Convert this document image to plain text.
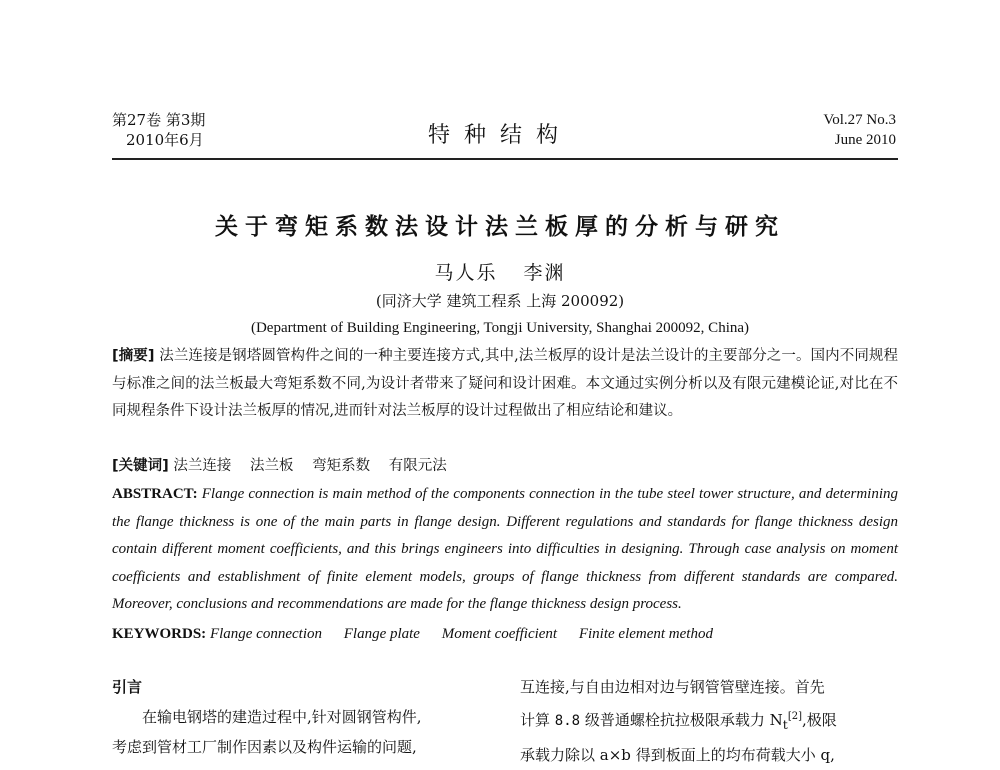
第27卷 第3期
2010年6月	特种结构
Vol.27 No.3
June 2010
关于弯矩系数法设计法兰板厚的分析与研究
马人乐 李渊
(同济大学 建筑工程系 上海 200092)
(Department of Building Engineering, Tongji University, Shanghai 200092, China)
[摘要] 法兰连接是钢塔圆管构件之间的一种主要连接方式,其中,法兰板厚的设计是法兰设计的主要部分之一。国内不同规程与标准之间的法兰板最大弯矩系数不同,为设计者带来了疑问和设计困难。本文通过实例分析以及有限元建模论证,对比在不同规程条件下设计法兰板厚的情况,进而针对法兰板厚的设计过程做出了相应结论和建议。
[关键词] 法兰连接 法兰板 弯矩系数 有限元法
ABSTRACT: Flange connection is main method of the components connection in the tube steel tower structure, and determining the flange thickness is one of the main parts in flange design. Different regulations and standards for flange thickness design contain different moment coefficients, and this brings engineers into difficulties in designing. Through case analysis on moment coefficients and establishment of finite element models, groups of flange thickness from different standards are compared. Moreover, conclusions and recommendations are made for the flange thickness design process.
KEYWORDS: Flange connection Flange plate Moment coefficient Finite element method
引言
在输电钢塔的建造过程中,针对圆钢管构件,
考虑到管材工厂制作因素以及构件运输的问题,
互连接,与自由边相对边与钢管管壁连接。首先
计算 8.8 级普通螺栓抗拉极限承载力 $N_t[2]$,极限
承载力除以 a×b 得到板面上的均布荷载大小 q,
